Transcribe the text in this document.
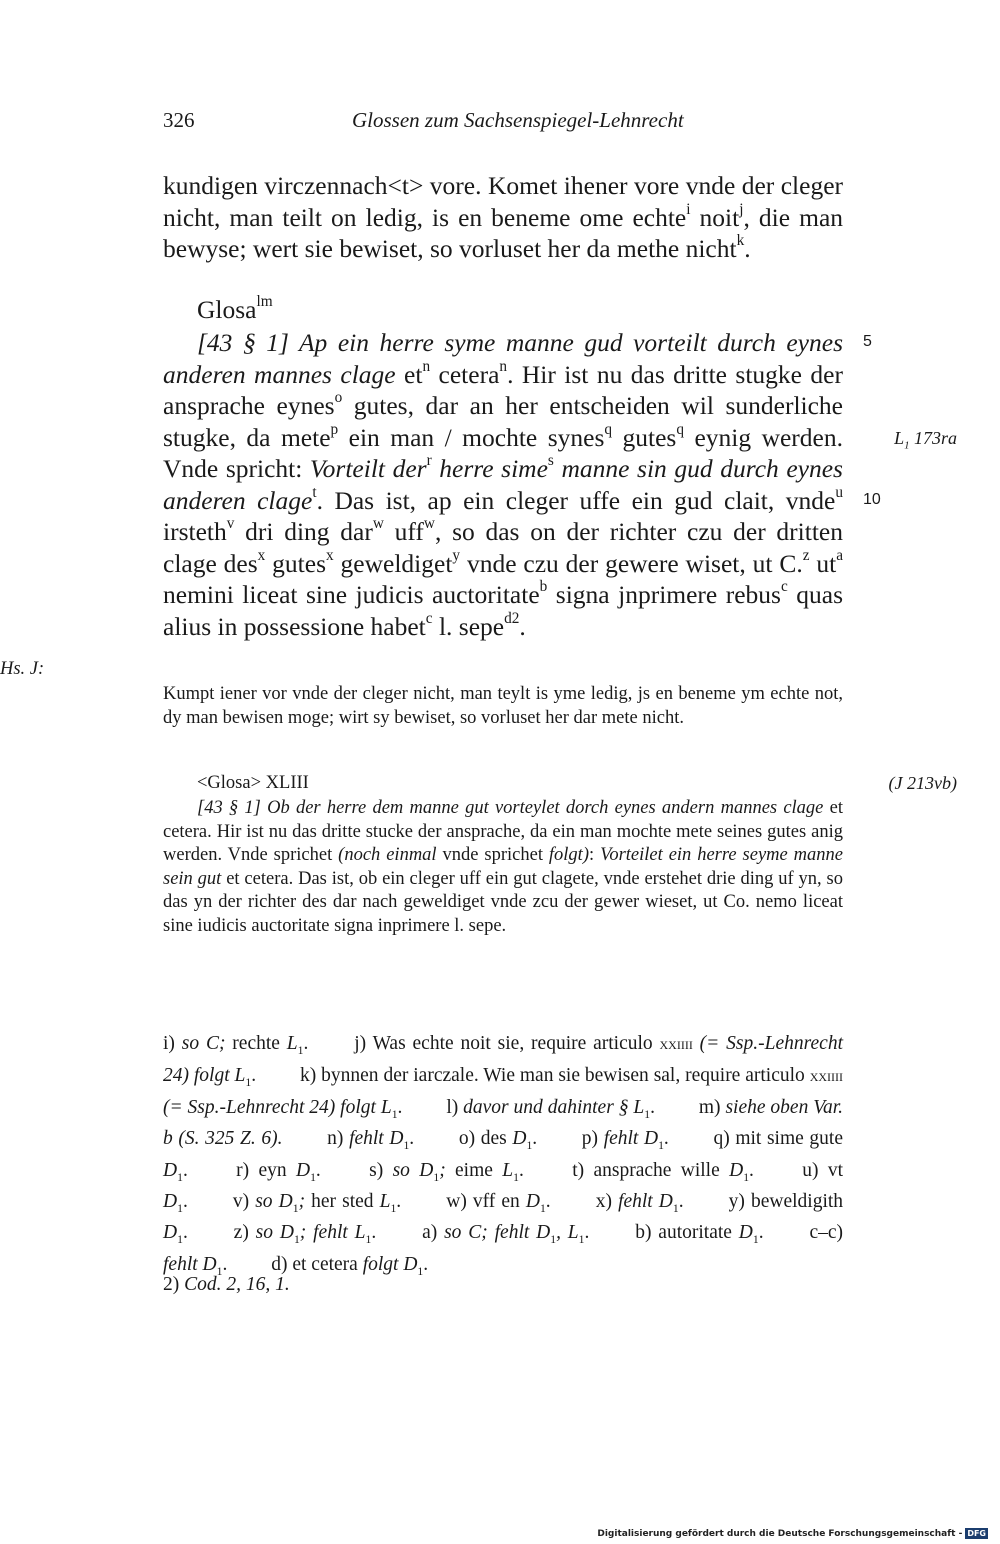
326	Glossen zum Sachsenspiegel-Lehnrecht
kundigen virczennach<t> vore. Komet ihener vore vnde der cleger nicht, man teilt on ledig, is en beneme ome echte$^i$ noit$^j$, die man bewyse; wert sie bewiset, so vorluset her da methe nicht$^k$.
Glosa$^{lm}$
[43 § 1] Ap ein herre syme manne gud vorteilt durch eynes anderen mannes clage $et^n$ cetera$^n$. Hir ist nu das dritte stugke der ansprache eynes$^o$ gutes, dar an her entscheiden wil sunderliche stugke, da mete$^p$ ein man / mochte synes$^q$ gutes$^q$ eynig werden. Vnde spricht: Vorteilt der$^r$ herre sime$^s$ manne sin gud durch eynes anderen clage$^t$. Das ist, ap ein cleger uffe ein gud clait, vnde$^u$ irsteth$^v$ dri ding dar$^w$ uff$^w$, so das on der richter czu der dritten clage des$^x$ gutes$^x$ geweldiget$^y$ vnde czu der gewere wiset, ut C.$^z$ $ut^a$ nemini liceat sine judicis auctoritate$^b$ signa jnprimere rebus$^c$ quas alius in possessione habet$^c$ l. sepe$^{d2}$.
5
10
$L_1$ 173ra
Hs. J:
Kumpt iener vor vnde der cleger nicht, man teylt is yme ledig, js en beneme ym echte not, dy man bewisen moge; wirt sy bewiset, so vorluset her dar mete nicht.
<Glosa> XLIII	(J 213vb)
[43 § 1] Ob der herre dem manne gut vorteylet dorch eynes andern mannes clage et cetera. Hir ist nu das dritte stucke der ansprache, da ein man mochte mete seines gutes anig werden. Vnde sprichet (noch einmal vnde sprichet folgt): Vorteilet ein herre seyme manne sein gut et cetera. Das ist, ob ein cleger uff ein gut clagete, vnde erstehet drie ding uf yn, so das yn der richter des dar nach geweldiget vnde zcu der gewer wieset, ut Co. nemo liceat sine iudicis auctoritate signa inprimere l. sepe.
i) so C; rechte $L_1$.   j) Was echte noit sie, require articulo xxiiii (= Ssp.-Lehnrecht 24) folgt $L_1$.   k) bynnen der iarczale. Wie man sie bewisen sal, require articulo xxiiii (= Ssp.-Lehnrecht 24) folgt $L_1$.   l) davor und dahinter § $L_1$.   m) siehe oben Var. b (S. 325 Z. 6).   n) fehlt $D_1$.   o) des $D_1$.   p) fehlt $D_1$.   q) mit sime gute $D_1$.   r) eyn $D_1$.   s) so $D_1$; eime $L_1$.   t) ansprache wille $D_1$.   u) vt $D_1$.   v) so $D_1$; her sted $L_1$.   w) vff en $D_1$.   x) fehlt $D_1$.   y) beweldigith $D_1$.   z) so $D_1$; fehlt $L_1$.   a) so C; fehlt $D_1$, $L_1$.   b) autoritate $D_1$.   c–c) fehlt $D_1$.   d) et cetera folgt $D_1$.
2) Cod. 2, 16, 1.
Digitalisierung gefördert durch die Deutsche Forschungsgemeinschaft - DFG
